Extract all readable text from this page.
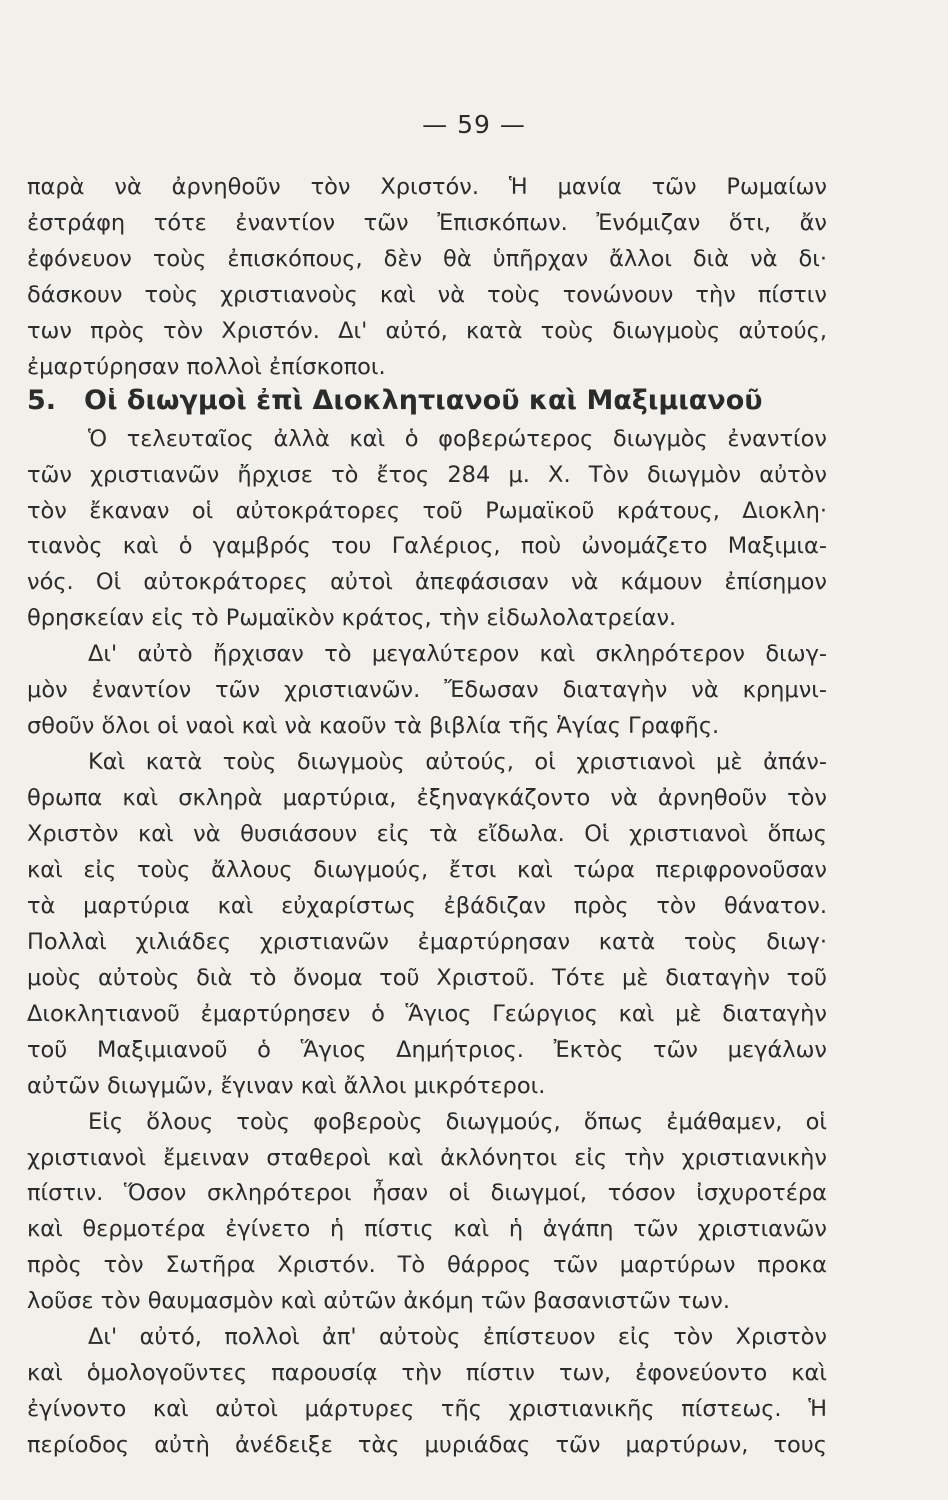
— 59 —
παρὰ νὰ ἀρνηθοῦν τὸν Χριστόν. Ἡ μανία τῶν Ρωμαίων
ἐστράφη τότε ἐναντίον τῶν Ἐπισκόπων. Ἐνόμιζαν ὅτι, ἄν
ἐφόνευον τοὺς ἐπισκόπους, δὲν θὰ ὑπῆρχαν ἄλλοι διὰ νὰ δι·
δάσκουν τοὺς χριστιανοὺς καὶ νὰ τοὺς τονώνουν τὴν πίστιν
των πρὸς τὸν Χριστόν. Δι' αὐτό, κατὰ τοὺς διωγμοὺς αὐτούς,
ἐμαρτύρησαν πολλοὶ ἐπίσκοποι.
5. Οἱ διωγμοὶ ἐπὶ Διοκλητιανοῦ καὶ Μαξιμιανοῦ
Ὁ τελευταῖος ἀλλὰ καὶ ὁ φοβερώτερος διωγμὸς ἐναντίον
τῶν χριστιανῶν ἤρχισε τὸ ἔτος 284 μ. Χ. Τὸν διωγμὸν αὐτὸν
τὸν ἔκαναν οἱ αὐτοκράτορες τοῦ Ρωμαϊκοῦ κράτους, Διοκλη·
τιανὸς καὶ ὁ γαμβρός του Γαλέριος, ποὺ ὠνομάζετο Μαξιμια-
νός. Οἱ αὐτοκράτορες αὐτοὶ ἀπεφάσισαν νὰ κάμουν ἐπίσημον
θρησκείαν εἰς τὸ Ρωμαϊκὸν κράτος, τὴν εἰδωλολατρείαν.
Δι' αὐτὸ ἤρχισαν τὸ μεγαλύτερον καὶ σκληρότερον διωγ-
μὸν ἐναντίον τῶν χριστιανῶν. Ἔδωσαν διαταγὴν νὰ κρημνι-
σθοῦν ὅλοι οἱ ναοὶ καὶ νὰ καοῦν τὰ βιβλία τῆς Ἁγίας Γραφῆς.
Καὶ κατὰ τοὺς διωγμοὺς αὐτούς, οἱ χριστιανοὶ μὲ ἀπάν-
θρωπα καὶ σκληρὰ μαρτύρια, ἐξηναγκάζοντο νὰ ἀρνηθοῦν τὸν
Χριστὸν καὶ νὰ θυσιάσουν εἰς τὰ εἴδωλα. Οἱ χριστιανοὶ ὅπως
καὶ εἰς τοὺς ἄλλους διωγμούς, ἔτσι καὶ τώρα περιφρονοῦσαν
τὰ μαρτύρια καὶ εὐχαρίστως ἐβάδιζαν πρὸς τὸν θάνατον.
Πολλαὶ χιλιάδες χριστιανῶν ἐμαρτύρησαν κατὰ τοὺς διωγ·
μοὺς αὐτοὺς διὰ τὸ ὄνομα τοῦ Χριστοῦ. Τότε μὲ διαταγὴν τοῦ
Διοκλητιανοῦ ἐμαρτύρησεν ὁ Ἅγιος Γεώργιος καὶ μὲ διαταγὴν
τοῦ Μαξιμιανοῦ ὁ Ἅγιος Δημήτριος. Ἐκτὸς τῶν μεγάλων
αὐτῶν διωγμῶν, ἔγιναν καὶ ἄλλοι μικρότεροι.
Εἰς ὅλους τοὺς φοβεροὺς διωγμούς, ὅπως ἐμάθαμεν, οἱ
χριστιανοὶ ἔμειναν σταθεροὶ καὶ ἀκλόνητοι εἰς τὴν χριστιανικὴν
πίστιν. Ὅσον σκληρότεροι ἦσαν οἱ διωγμοί, τόσον ἰσχυροτέρα
καὶ θερμοτέρα ἐγίνετο ἡ πίστις καὶ ἡ ἀγάπη τῶν χριστιανῶν
πρὸς τὸν Σωτῆρα Χριστόν. Τὸ θάρρος τῶν μαρτύρων προκα
λοῦσε τὸν θαυμασμὸν καὶ αὐτῶν ἀκόμη τῶν βασανιστῶν των.
Δι' αὐτό, πολλοὶ ἀπ' αὐτοὺς ἐπίστευον εἰς τὸν Χριστὸν
καὶ ὁμολογοῦντες παρουσίᾳ τὴν πίστιν των, ἐφονεύοντο καὶ
ἐγίνοντο καὶ αὐτοὶ μάρτυρες τῆς χριστιανικῆς πίστεως. Ἡ
περίοδος αὐτὴ ἀνέδειξε τὰς μυριάδας τῶν μαρτύρων, τους
